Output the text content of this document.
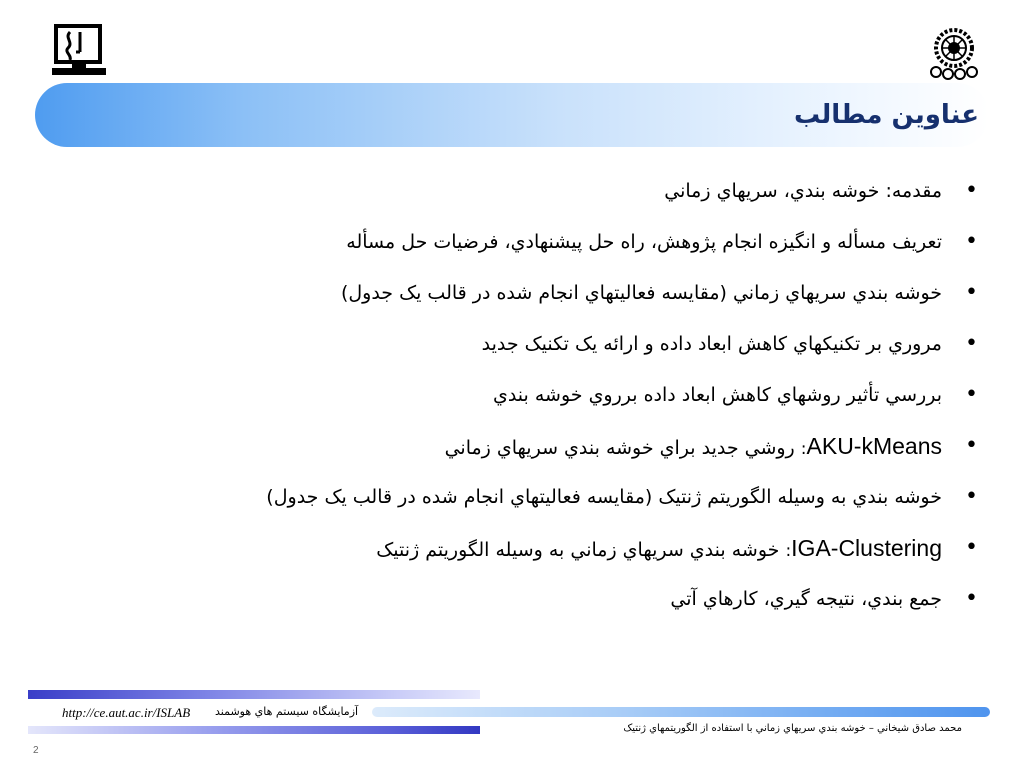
عناوين مطالب
• مقدمه: خوشه بندي، سريهاي زماني
• تعريف مسأله و انگيزه انجام پژوهش، راه حل پيشنهادي، فرضيات حل مسأله
• خوشه بندي سريهاي زماني (مقايسه فعاليتهاي انجام شده در قالب يک جدول)
• مروري بر تکنيکهاي کاهش ابعاد داده و ارائه يک تکنيک جديد
• بررسي تأثير روشهاي کاهش ابعاد داده برروي خوشه بندي
• AKU-kMeans: روشي جديد براي خوشه بندي سريهاي زماني
• خوشه بندي به وسيله الگوريتم ژنتيک (مقايسه فعاليتهاي انجام شده در قالب يک جدول)
• IGA-Clustering: خوشه بندي سريهاي زماني به وسيله الگوريتم ژنتيک
• جمع بندي، نتيجه گيري، کارهاي آتي
http://ce.aut.ac.ir/ISLAB آزمايشگاه سيستم هاي هوشمند
محمد صادق شيخاني – خوشه بندي سريهاي زماني با استفاده از الگوريتمهاي ژنتيک
2
